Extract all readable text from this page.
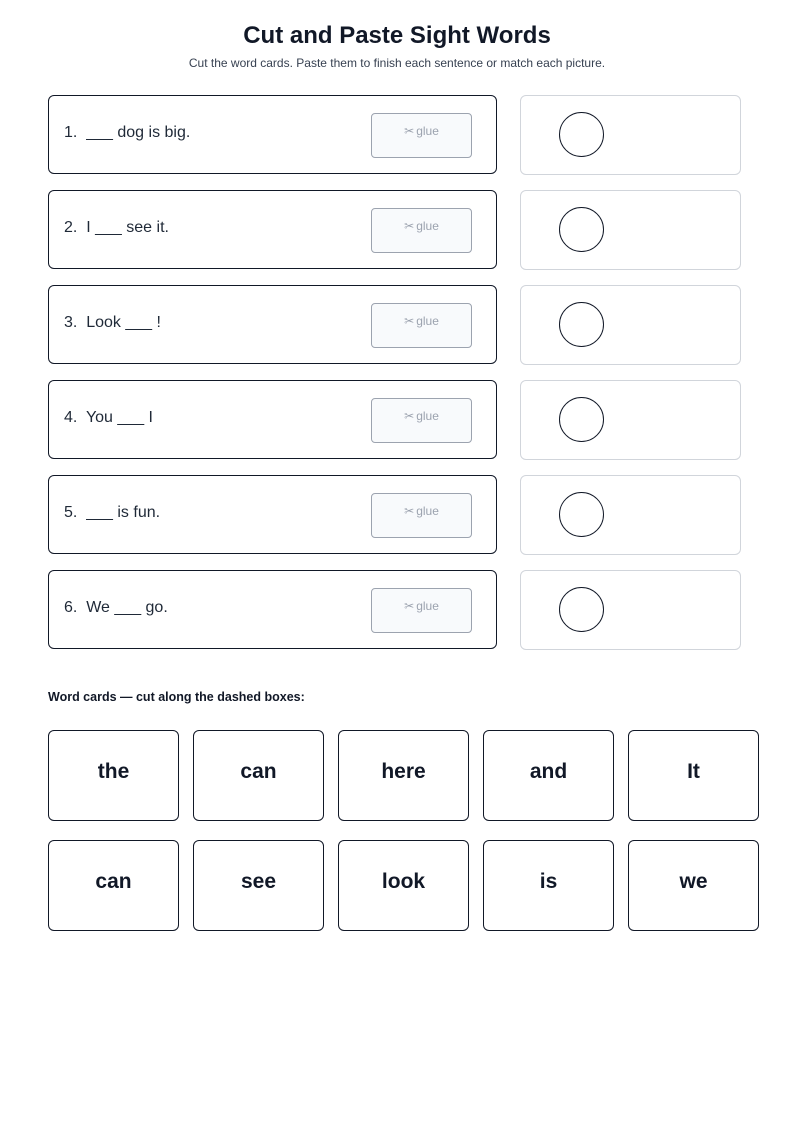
Cut and Paste Sight Words
Cut the word cards. Paste them to finish each sentence or match each picture.
1.  ___ dog is big.	✂ glue
2.  I ___ see it.	✂ glue
3.  Look ___ !	✂ glue
4.  You ___ I	✂ glue
5.  ___ is fun.	✂ glue
6.  We ___ go.	✂ glue
Word cards — cut along the dashed boxes:
the	can	here	and	It
can	see	look	is	we
